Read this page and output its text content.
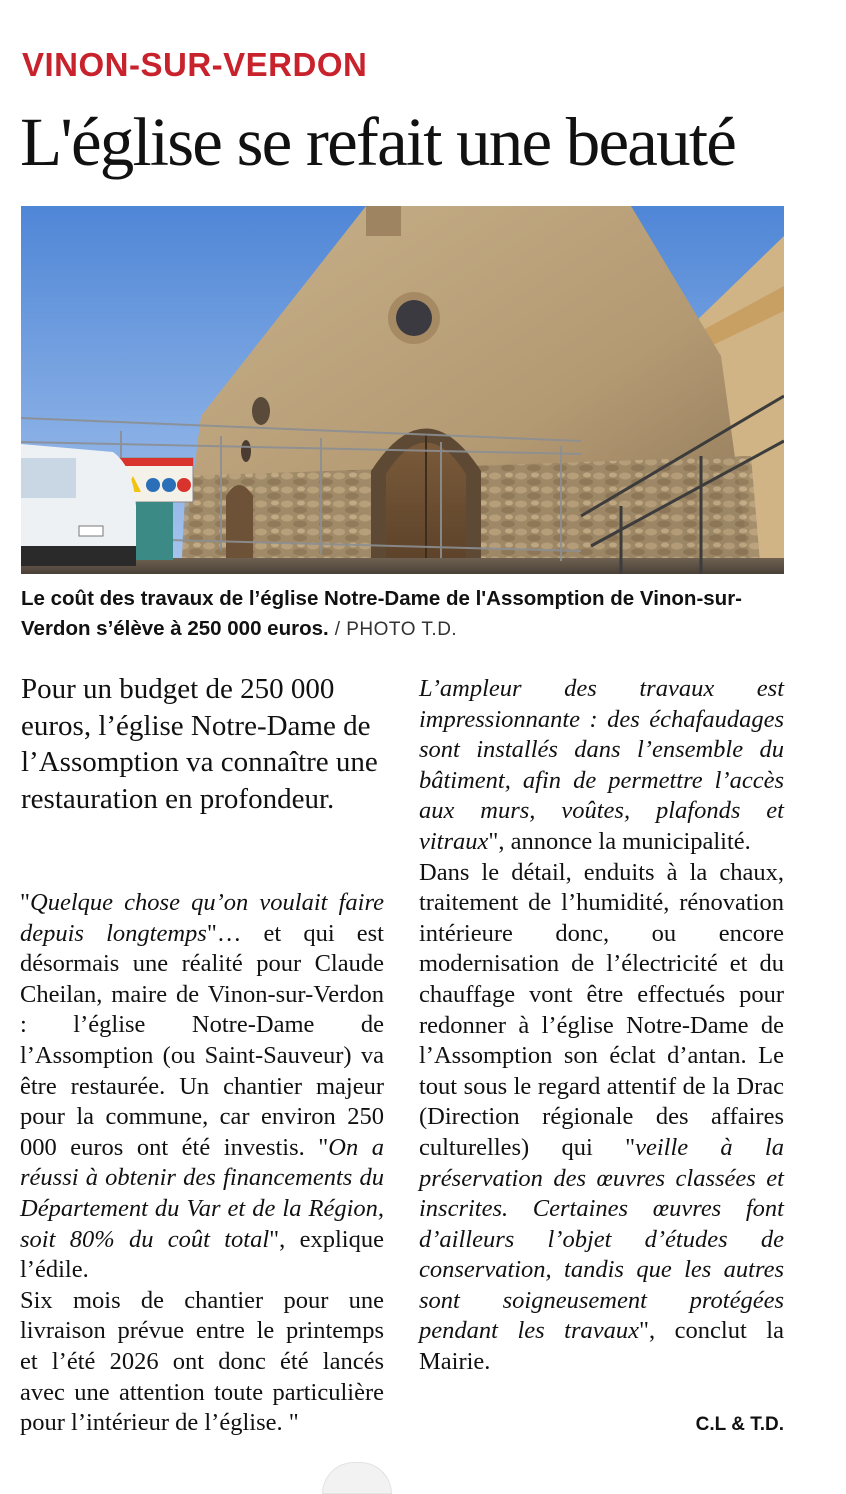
VINON-SUR-VERDON
L'église se refait une beauté
Le coût des travaux de l’église Notre-Dame de l'Assomption de Vinon-sur-Verdon s’élève à 250 000 euros. / PHOTO T.D.
Pour un budget de 250 000 euros, l’église Notre-Dame de l’Assomption va connaître une restauration en profondeur.

"Quelque chose qu’on voulait faire depuis longtemps"… et qui est désormais une réalité pour Claude Cheilan, maire de Vinon-sur-Verdon : l’église Notre-Dame de l’Assomption (ou Saint-Sauveur) va être restaurée. Un chantier majeur pour la commune, car environ 250 000 euros ont été investis. "On a réussi à obtenir des financements du Département du Var et de la Région, soit 80% du coût total", explique l’édile.

Six mois de chantier pour une livraison prévue entre le printemps et l’été 2026 ont donc été lancés avec une attention toute particulière pour l’intérieur de l’église. "

L’ampleur des travaux est impressionnante : des échafaudages sont installés dans l’ensemble du bâtiment, afin de permettre l’accès aux murs, voûtes, plafonds et vitraux", annonce la municipalité.

Dans le détail, enduits à la chaux, traitement de l’humidité, rénovation intérieure donc, ou encore modernisation de l’électricité et du chauffage vont être effectués pour redonner à l’église Notre-Dame de l’Assomption son éclat d’antan. Le tout sous le regard attentif de la Drac (Direction régionale des affaires culturelles) qui "veille à la préservation des œuvres classées et inscrites. Certaines œuvres font d’ailleurs l’objet d’études de conservation, tandis que les autres sont soigneusement protégées pendant les travaux", conclut la Mairie.

C.L & T.D.
